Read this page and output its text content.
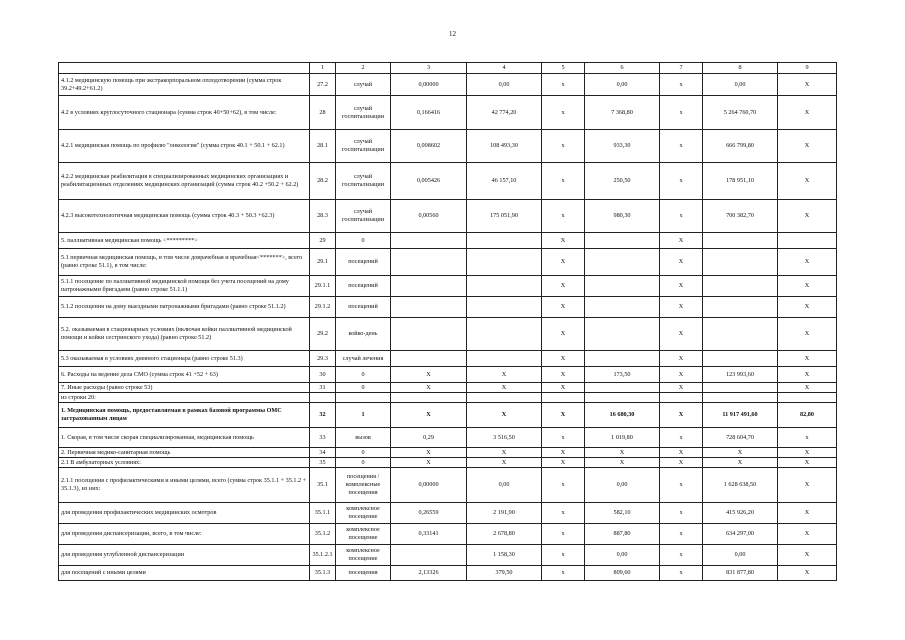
12
	1	2	3	4	5	6	7	8	9
4.1.2 медицинскую помощь при экстракорпоральном оплодотворении (сумма строк 39.2+49.2+61.2)	27.2	случай	0,00000	0,00	x	0,00	x	0,00	X
4.2 в условиях круглосуточного стационара (сумма строк 40+50+62), в том числе:	28	случай госпитализации	0,166416	42 774,20	x	7 368,80	x	5 264 760,70	X
4.2.1 медицинская помощь по профилю "онкология" (сумма строк 40.1 + 50.1 + 62.1)	28.1	случай госпитализации	0,008602	108 493,30	x	933,30	x	666 799,80	X
4.2.2 медицинская реабилитация в специализированных медицинских организациях и реабилитационных отделениях медицинских организаций (сумма строк 40.2 +50.2 + 62.2)	28.2	случай госпитализации	0,005426	46 157,10	x	250,50	x	178 951,10	X
4.2.3 высокотехнологичная медицинская помощь (сумма строк 40.3 + 50.3 +62.3)	28.3	случай госпитализации	0,00560	175 051,90	x	980,30	x	700 382,70	X
5. паллиативная медицинская помощь <*********>	29	0			X		X		
5.1 первичная медицинская помощь, в том числе доврачебная и врачебная<*******>, всего (равно строке 51.1), в том числе:	29.1	посещений			X		X		X
5.1.1 посещение по паллиативной медицинской помощи без учета посещений на дому патронажными бригадами (равно строке 51.1.1)	29.1.1	посещений			X		X		X
5.1.2 посещения на дому выездными патронажными бригадами (равно строке 51.1.2)	29.1.2	посещений			X		X		X
5.2. оказываемая в стационарных условиях (включая койки паллиативной медицинской помощи и койки сестринского ухода) (равно строке 51.2)	29.2	койко-день			X		X		X
5.3 оказываемая в условиях дневного стационара (равно строке 51.3)	29.3	случай лечения			X		X		X
6. Расходы на ведение дела СМО (сумма строк 41 +52 + 63)	30	0	X	X	X	173,50	X	123 993,60	X
7. Иные расходы (равно строке 53)	31	0	X	X	X		X		X
из строки 20:									
1. Медицинская помощь, предоставляемая в рамках базовой программы ОМС застрахованным лицам	32	1	X	X	X	16 680,30	X	11 917 491,60	82,80
1. Скорая, в том числе скорая специализированная, медицинская помощь	33	вызов	0,29	3 516,50	x	1 019,80	x	728 604,70	x
2. Первичная медико-санитарная помощь	34	0	X	X	X	X	X	X	X
2.1 В амбулаторных условиях:	35	0	X	X	X	X	X	X	X
2.1.1 посещения с профилактическими и иными целями, всего (сумма строк 35.1.1 + 35.1.2 + 35.1.3), из них:	35.1	посещения / комплексные посещения	0,00000	0,00	x	0,00	x	1 628 638,50	X
для проведения профилактических медицинских осмотров	35.1.1	комплексное посещение	0,26559	2 191,90	x	582,10	x	415 926,20	X
для проведения диспансеризации, всего, в том числе:	35.1.2	комплексное посещение	0,33141	2 678,80	x	887,80	x	634 297,00	X
для проведения углубленной диспансеризации	35.1.2.1	комплексное посещение		1 158,30	x	0,00	x	0,00	X
для посещений с иными целями	35.1.3	посещения	2,13326	379,50	x	809,60	x	831 877,80	X
